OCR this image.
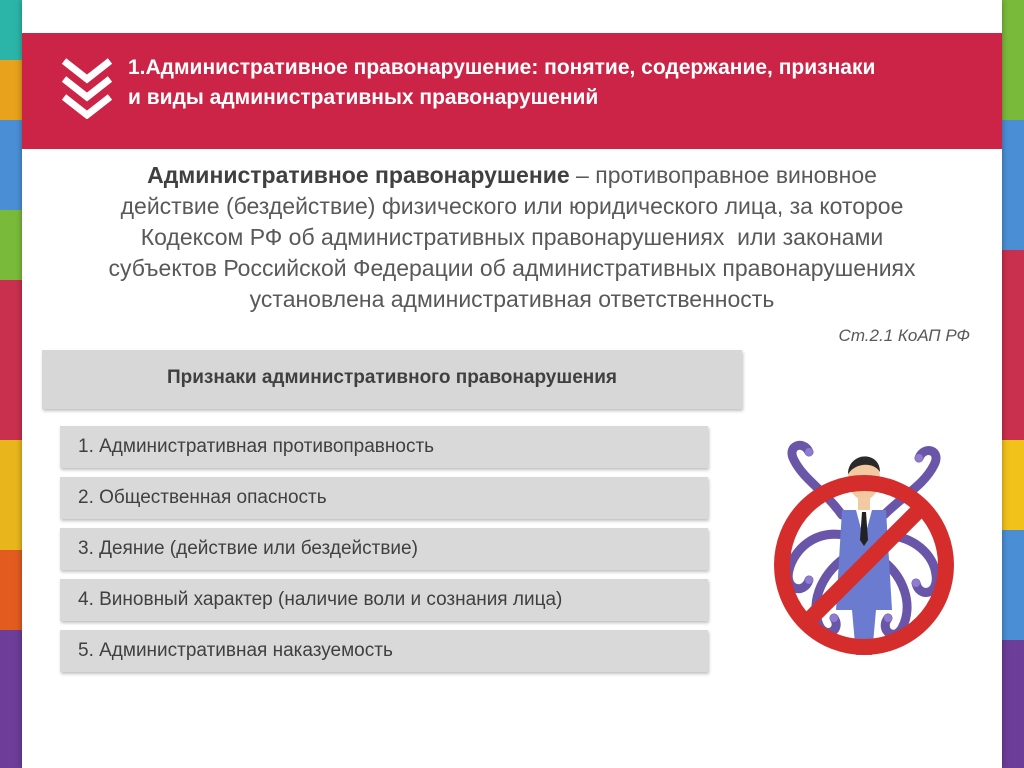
1.Административное правонарушение: понятие, содержание, признаки
и виды административных правонарушений
Административное правонарушение – противоправное виновное
действие (бездействие) физического или юридического лица, за которое
Кодексом РФ об административных правонарушениях  или законами
субъектов Российской Федерации об административных правонарушениях
установлена административная ответственность
Ст.2.1 КоАП РФ
Признаки административного правонарушения
1. Административная противоправность
2. Общественная опасность
3. Деяние (действие или бездействие)
4. Виновный характер (наличие воли и сознания лица)
5. Административная наказуемость
